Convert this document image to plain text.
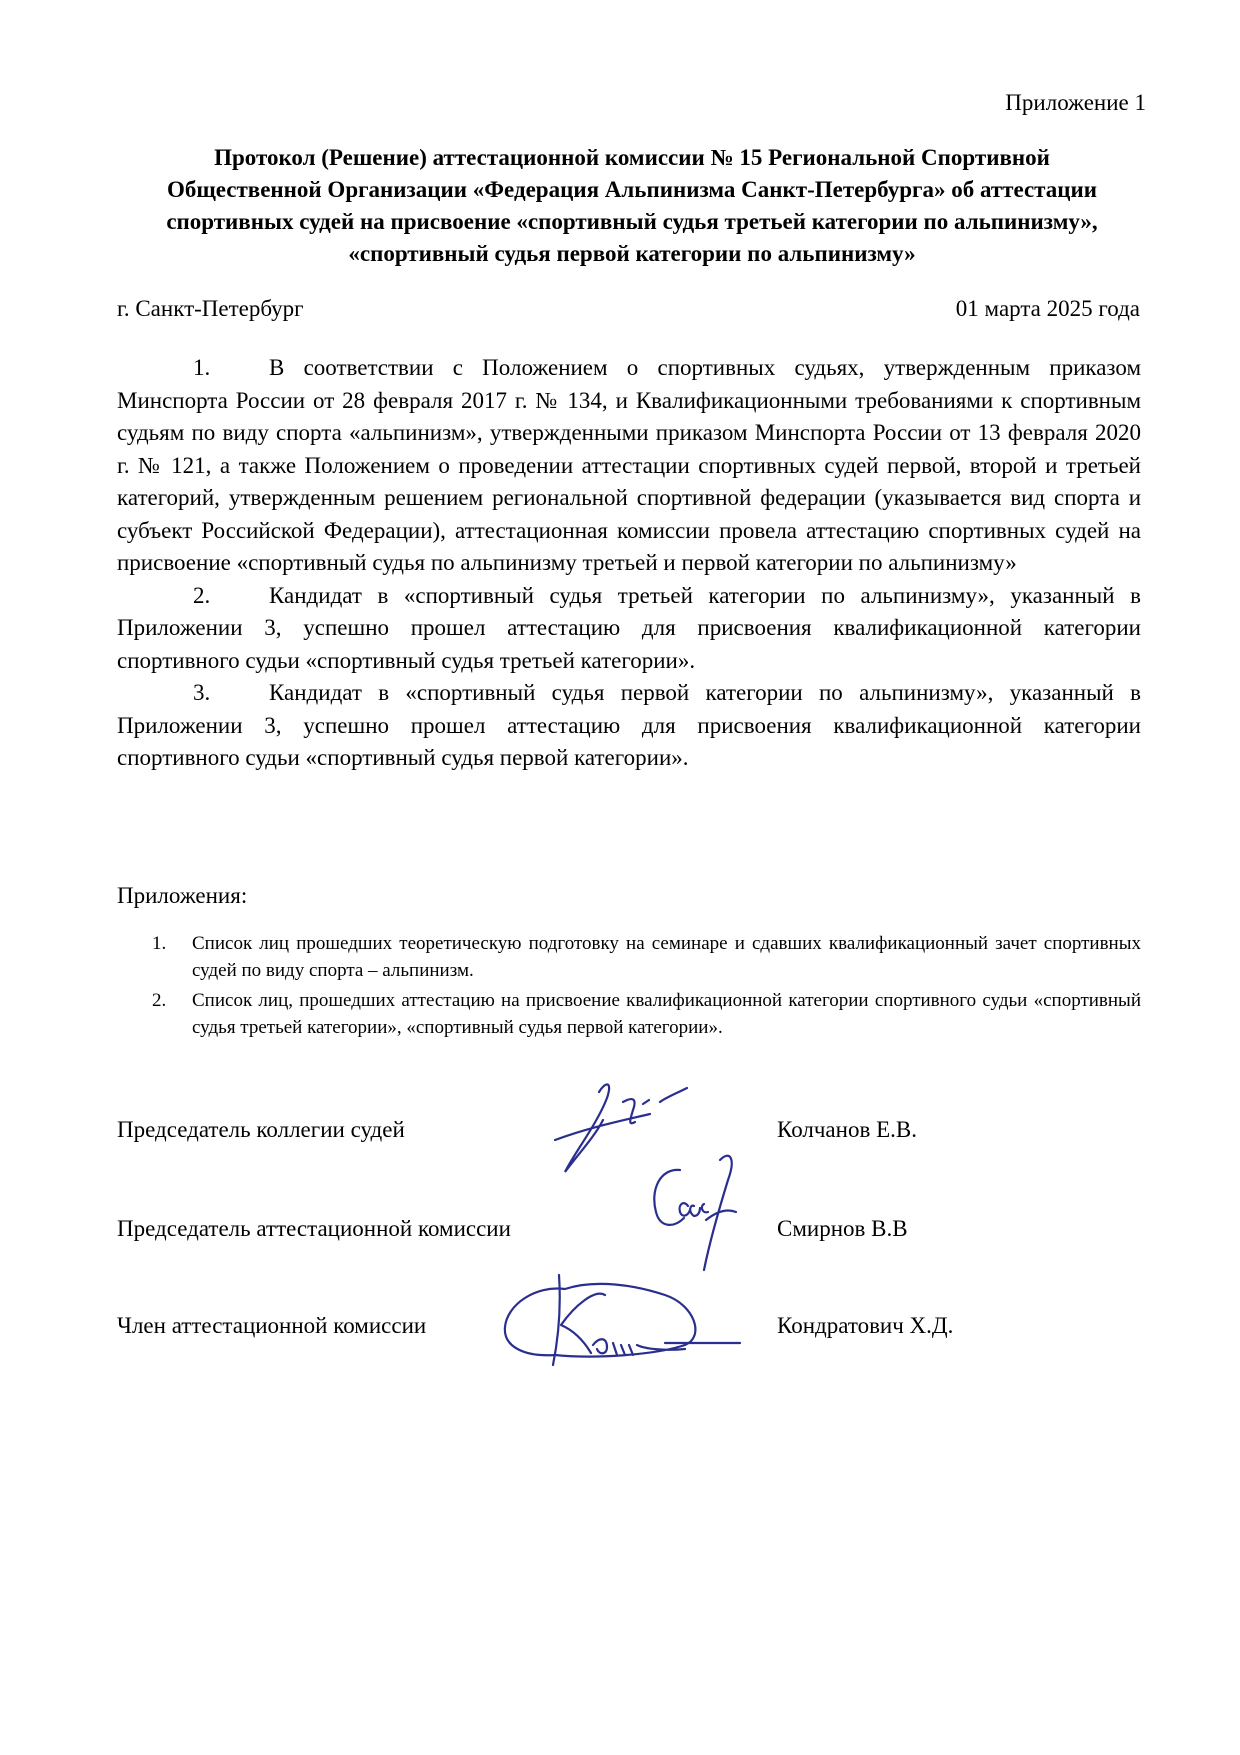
Приложение 1
Протокол (Решение) аттестационной комиссии № 15 Региональной Спортивной
Общественной Организации «Федерация Альпинизма Санкт-Петербурга» об аттестации
спортивных судей на присвоение «спортивный судья третьей категории по альпинизму»,
«спортивный судья первой категории по альпинизму»
г. Санкт-Петербург	01 марта 2025 года

1.	В соответствии с Положением о спортивных судьях, утвержденным приказом Минспорта России от 28 февраля 2017 г. № 134, и Квалификационными требованиями к спортивным судьям по виду спорта «альпинизм», утвержденными приказом Минспорта России от 13 февраля 2020 г. № 121, а также Положением о проведении аттестации спортивных судей первой, второй и третьей категорий, утвержденным решением региональной спортивной федерации (указывается вид спорта и субъект Российской Федерации), аттестационная комиссии провела аттестацию спортивных судей на присвоение «спортивный судья по альпинизму третьей и первой категории по альпинизму»

2.	Кандидат в «спортивный судья третьей категории по альпинизму», указанный в Приложении 3, успешно прошел аттестацию для присвоения квалификационной категории спортивного судьи «спортивный судья третьей категории».

3.	Кандидат в «спортивный судья первой категории по альпинизму», указанный в Приложении 3, успешно прошел аттестацию для присвоения квалификационной категории спортивного судьи «спортивный судья первой категории».

Приложения:
1. Список лиц прошедших теоретическую подготовку на семинаре и сдавших квалификационный зачет спортивных судей по виду спорта – альпинизм.
2. Список лиц, прошедших аттестацию на присвоение квалификационной категории спортивного судьи «спортивный судья третьей категории», «спортивный судья первой категории».
Председатель коллегии судей	Колчанов Е.В.
Председатель аттестационной комиссии	Смирнов В.В
Член аттестационной комиссии	Кондратович Х.Д.
